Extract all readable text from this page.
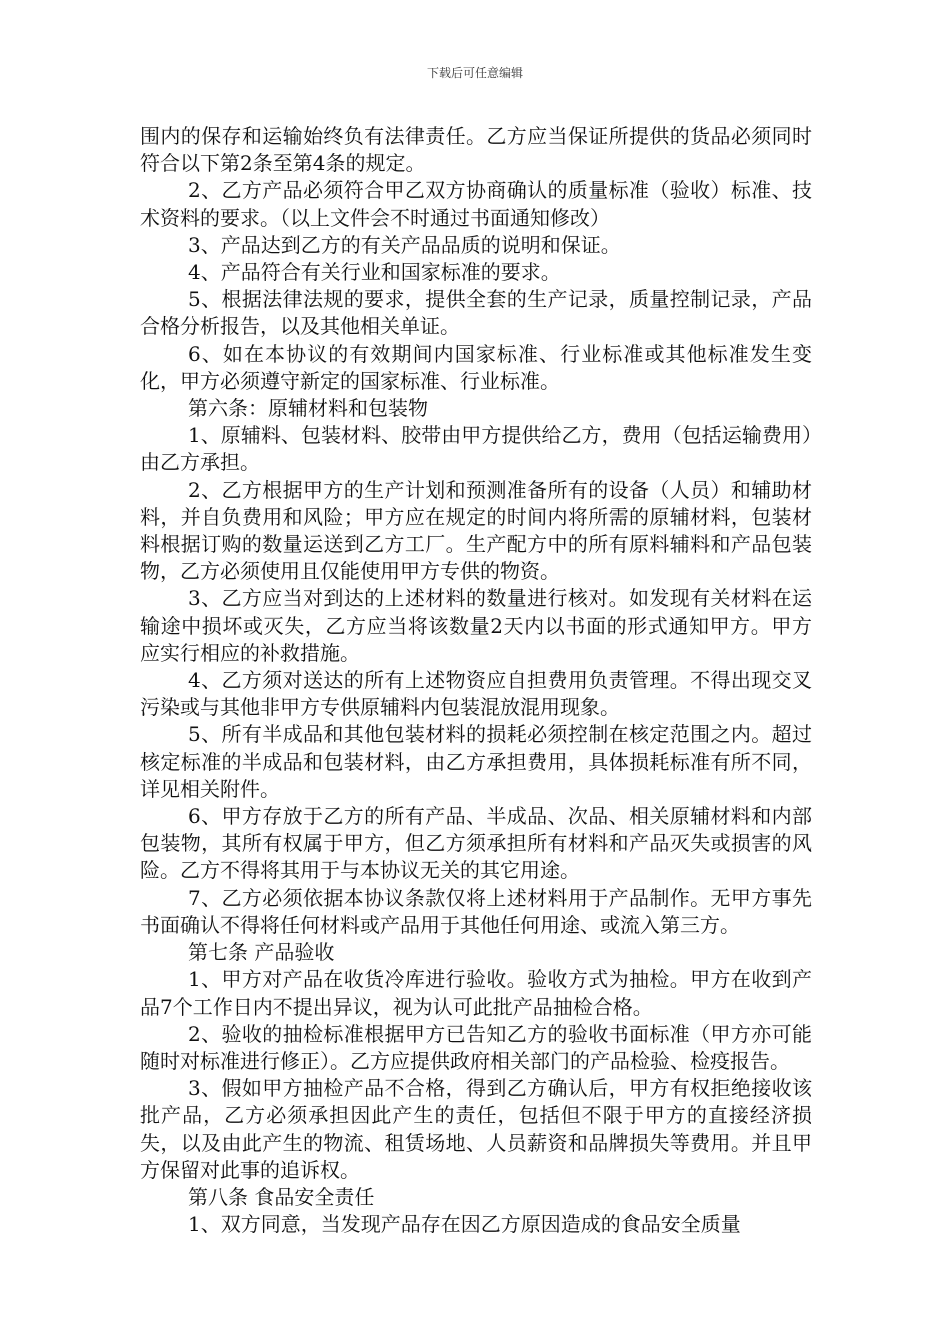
下载后可任意编辑

围内的保存和运输始终负有法律责任。乙方应当保证所提供的货品必须同时符合以下第2条至第4条的规定。

2、乙方产品必须符合甲乙双方协商确认的质量标准（验收）标准、技术资料的要求。（以上文件会不时通过书面通知修改）

3、产品达到乙方的有关产品品质的说明和保证。

4、产品符合有关行业和国家标准的要求。

5、根据法律法规的要求，提供全套的生产记录，质量控制记录，产品合格分析报告，以及其他相关单证。

6、如在本协议的有效期间内国家标准、行业标准或其他标准发生变化，甲方必须遵守新定的国家标准、行业标准。

第六条：原辅材料和包装物

1、原辅料、包装材料、胶带由甲方提供给乙方，费用（包括运输费用）由乙方承担。

2、乙方根据甲方的生产计划和预测准备所有的设备（人员）和辅助材料，并自负费用和风险；甲方应在规定的时间内将所需的原辅材料，包装材料根据订购的数量运送到乙方工厂。生产配方中的所有原料辅料和产品包装物，乙方必须使用且仅能使用甲方专供的物资。

3、乙方应当对到达的上述材料的数量进行核对。如发现有关材料在运输途中损坏或灭失，乙方应当将该数量2天内以书面的形式通知甲方。甲方应实行相应的补救措施。

4、乙方须对送达的所有上述物资应自担费用负责管理。不得出现交叉污染或与其他非甲方专供原辅料内包装混放混用现象。

5、所有半成品和其他包装材料的损耗必须控制在核定范围之内。超过核定标准的半成品和包装材料，由乙方承担费用，具体损耗标准有所不同，详见相关附件。

6、甲方存放于乙方的所有产品、半成品、次品、相关原辅材料和内部包装物，其所有权属于甲方，但乙方须承担所有材料和产品灭失或损害的风险。乙方不得将其用于与本协议无关的其它用途。

7、乙方必须依据本协议条款仅将上述材料用于产品制作。无甲方事先书面确认不得将任何材料或产品用于其他任何用途、或流入第三方。

第七条 产品验收

1、甲方对产品在收货冷库进行验收。验收方式为抽检。甲方在收到产品7个工作日内不提出异议，视为认可此批产品抽检合格。

2、验收的抽检标准根据甲方已告知乙方的验收书面标准（甲方亦可能随时对标准进行修正）。乙方应提供政府相关部门的产品检验、检疫报告。

3、假如甲方抽检产品不合格，得到乙方确认后，甲方有权拒绝接收该批产品，乙方必须承担因此产生的责任，包括但不限于甲方的直接经济损失，以及由此产生的物流、租赁场地、人员薪资和品牌损失等费用。并且甲方保留对此事的追诉权。

第八条 食品安全责任

1、双方同意，当发现产品存在因乙方原因造成的食品安全质量
